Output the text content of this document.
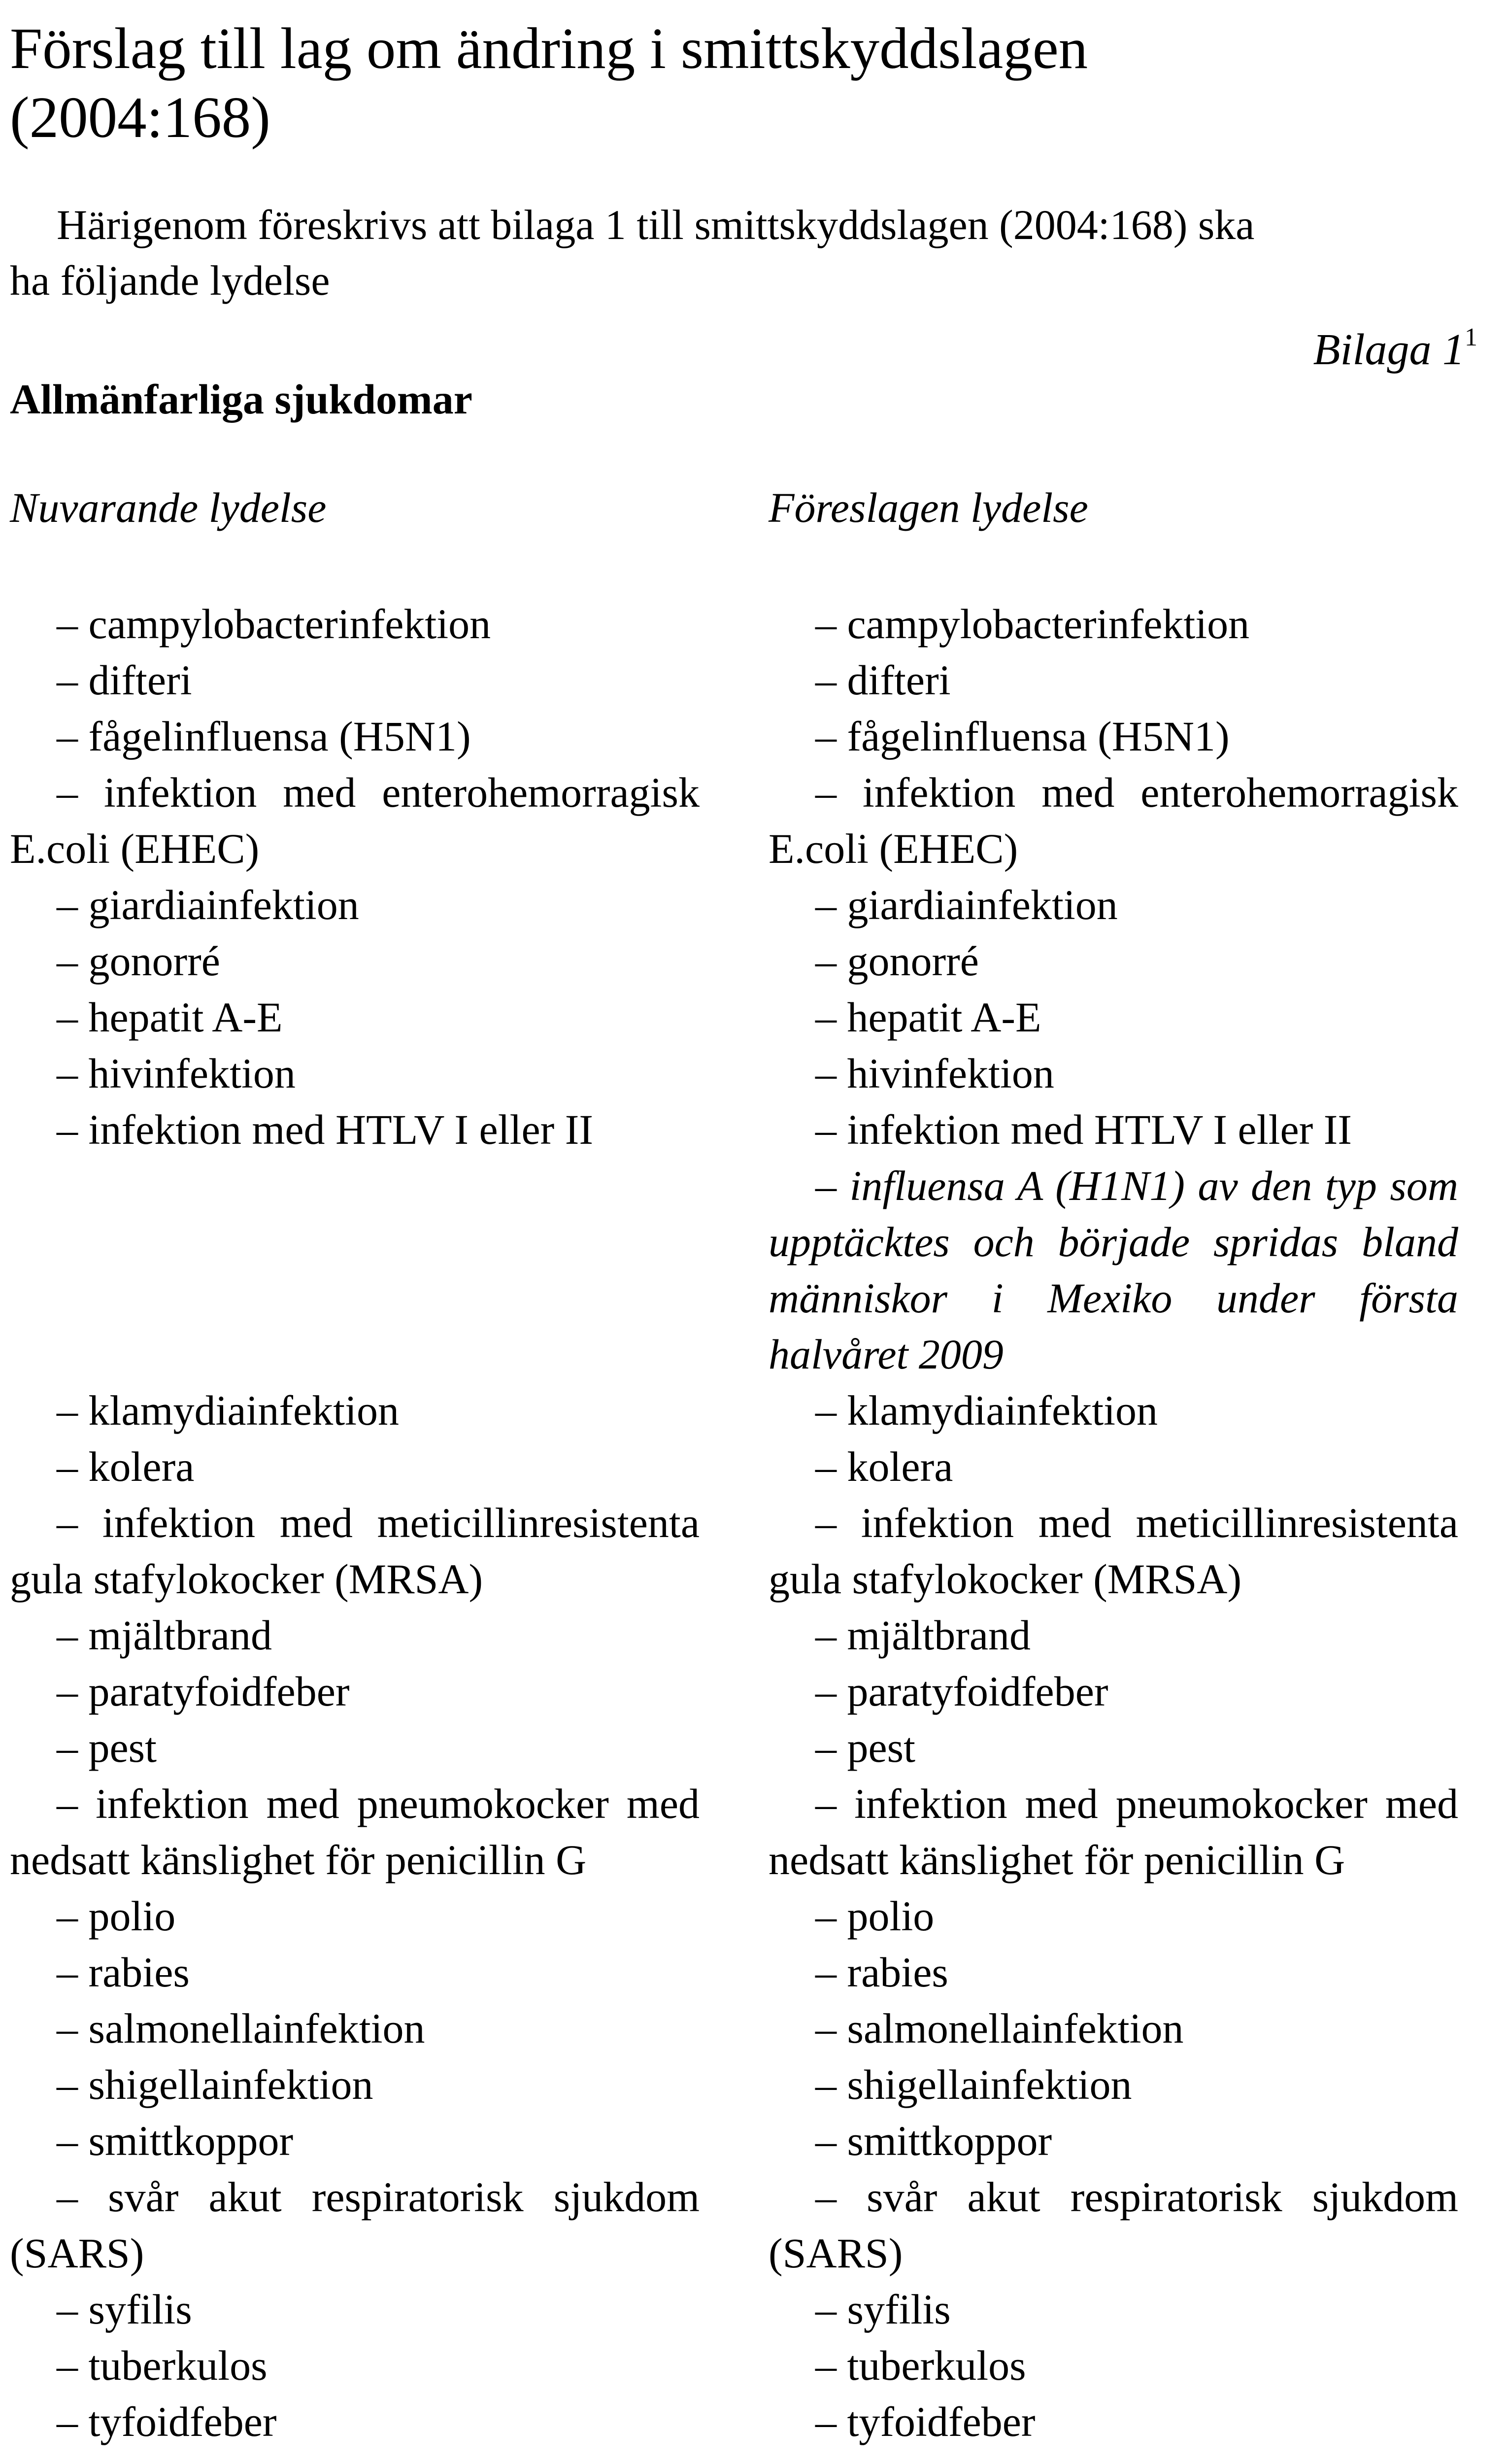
Förslag till lag om ändring i smittskyddslagen
(2004:168)

Härigenom föreskrivs att bilaga 1 till smittskyddslagen (2004:168) ska
ha följande lydelse

Bilaga $1^1$
Allmänfarliga sjukdomar

Nuvarande lydelse	Föreslagen lydelse

– campylobacterinfektion
– difteri
– fågelinfluensa (H5N1)
– infektion med enterohemorragisk E.coli (EHEC)
– giardiainfektion
– gonorré
– hepatit A-E
– hivinfektion
– infektion med HTLV I eller II
– klamydiainfektion
– kolera
– infektion med meticillinresistenta gula stafylokocker (MRSA)
– mjältbrand
– paratyfoidfeber
– pest
– infektion med pneumokocker med nedsatt känslighet för penicillin G
– polio
– rabies
– salmonellainfektion
– shigellainfektion
– smittkoppor
– svår akut respiratorisk sjukdom (SARS)
– syfilis
– tuberkulos
– tyfoidfeber
– campylobacterinfektion
– difteri
– fågelinfluensa (H5N1)
– infektion med enterohemorragisk E.coli (EHEC)
– giardiainfektion
– gonorré
– hepatit A-E
– hivinfektion
– infektion med HTLV I eller II
– influensa A (H1N1) av den typ som upptäcktes och började spridas bland människor i Mexiko under första halvåret 2009
– klamydiainfektion
– kolera
– infektion med meticillinresistenta gula stafylokocker (MRSA)
– mjältbrand
– paratyfoidfeber
– pest
– infektion med pneumokocker med nedsatt känslighet för penicillin G
– polio
– rabies
– salmonellainfektion
– shigellainfektion
– smittkoppor
– svår akut respiratorisk sjukdom (SARS)
– syfilis
– tuberkulos
– tyfoidfeber
